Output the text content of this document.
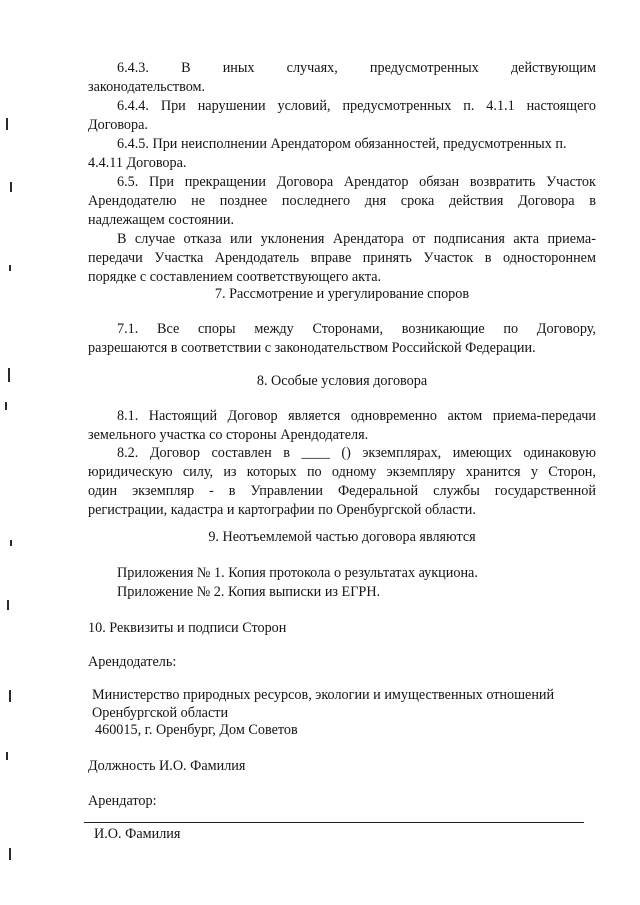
6.4.3. В иных случаях, предусмотренных действующим
законодательством.
6.4.4. При нарушении условий, предусмотренных п. 4.1.1 настоящего
Договора.
6.4.5. При неисполнении Арендатором обязанностей, предусмотренных п.
4.4.11 Договора.
6.5. При прекращении Договора Арендатор обязан возвратить Участок
Арендодателю не позднее последнего дня срока действия Договора в
надлежащем состоянии.
В случае отказа или уклонения Арендатора от подписания акта приема-
передачи Участка Арендодатель вправе принять Участок в одностороннем
порядке с составлением соответствующего акта.
7. Рассмотрение и урегулирование споров
7.1. Все споры между Сторонами, возникающие по Договору,
разрешаются в соответствии с законодательством Российской Федерации.
8. Особые условия договора
8.1. Настоящий Договор является одновременно актом приема-передачи
земельного участка со стороны Арендодателя.
8.2. Договор составлен в ____ () экземплярах, имеющих одинаковую
юридическую силу, из которых по одному экземпляру хранится у Сторон,
один экземпляр - в Управлении Федеральной службы государственной
регистрации, кадастра и картографии по Оренбургской области.
9. Неотъемлемой частью договора являются
Приложения № 1. Копия протокола о результатах аукциона.
Приложение № 2. Копия выписки из ЕГРН.
10. Реквизиты и подписи Сторон
Арендодатель:
Министерство природных ресурсов, экологии и имущественных отношений
Оренбургской области
460015, г. Оренбург, Дом Советов
Должность И.О. Фамилия
Арендатор:
И.О. Фамилия
